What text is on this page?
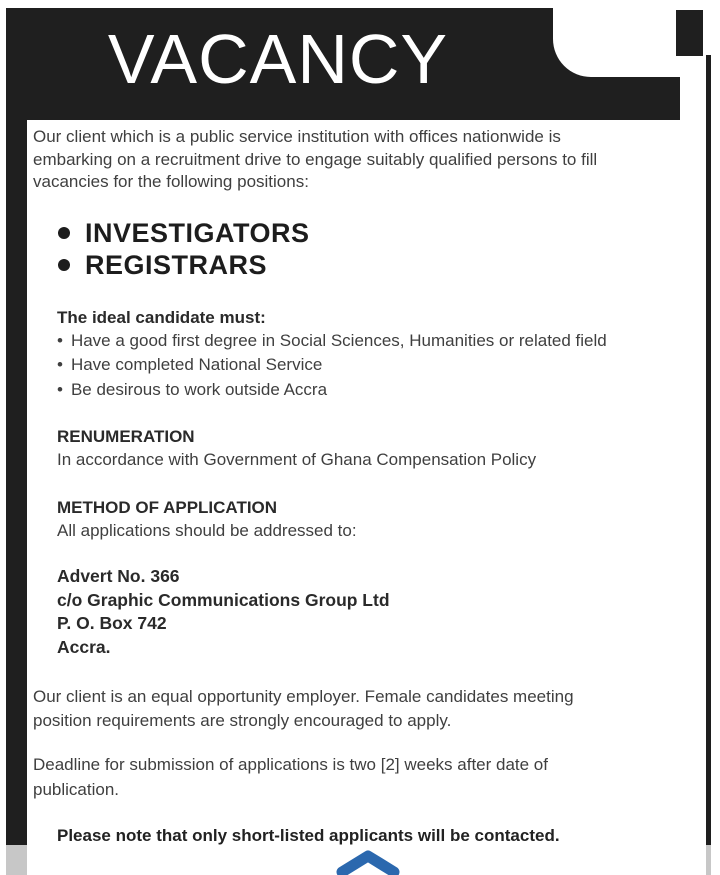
VACANCY
Our client which is a public service institution with offices nationwide is
embarking on a recruitment drive to engage suitably qualified persons to fill
vacancies for the following positions:
INVESTIGATORS
REGISTRARS
The ideal candidate must:
• Have a good first degree in Social Sciences, Humanities or related field
• Have completed National Service
• Be desirous to work outside Accra
RENUMERATION
In accordance with Government of Ghana Compensation Policy
METHOD OF APPLICATION
All applications should be addressed to:
Advert No. 366
c/o Graphic Communications Group Ltd
P. O. Box 742
Accra.
Our client is an equal opportunity employer. Female candidates meeting
position requirements are strongly encouraged to apply.
Deadline for submission of applications is two [2] weeks after date of
publication.
Please note that only short-listed applicants will be contacted.
